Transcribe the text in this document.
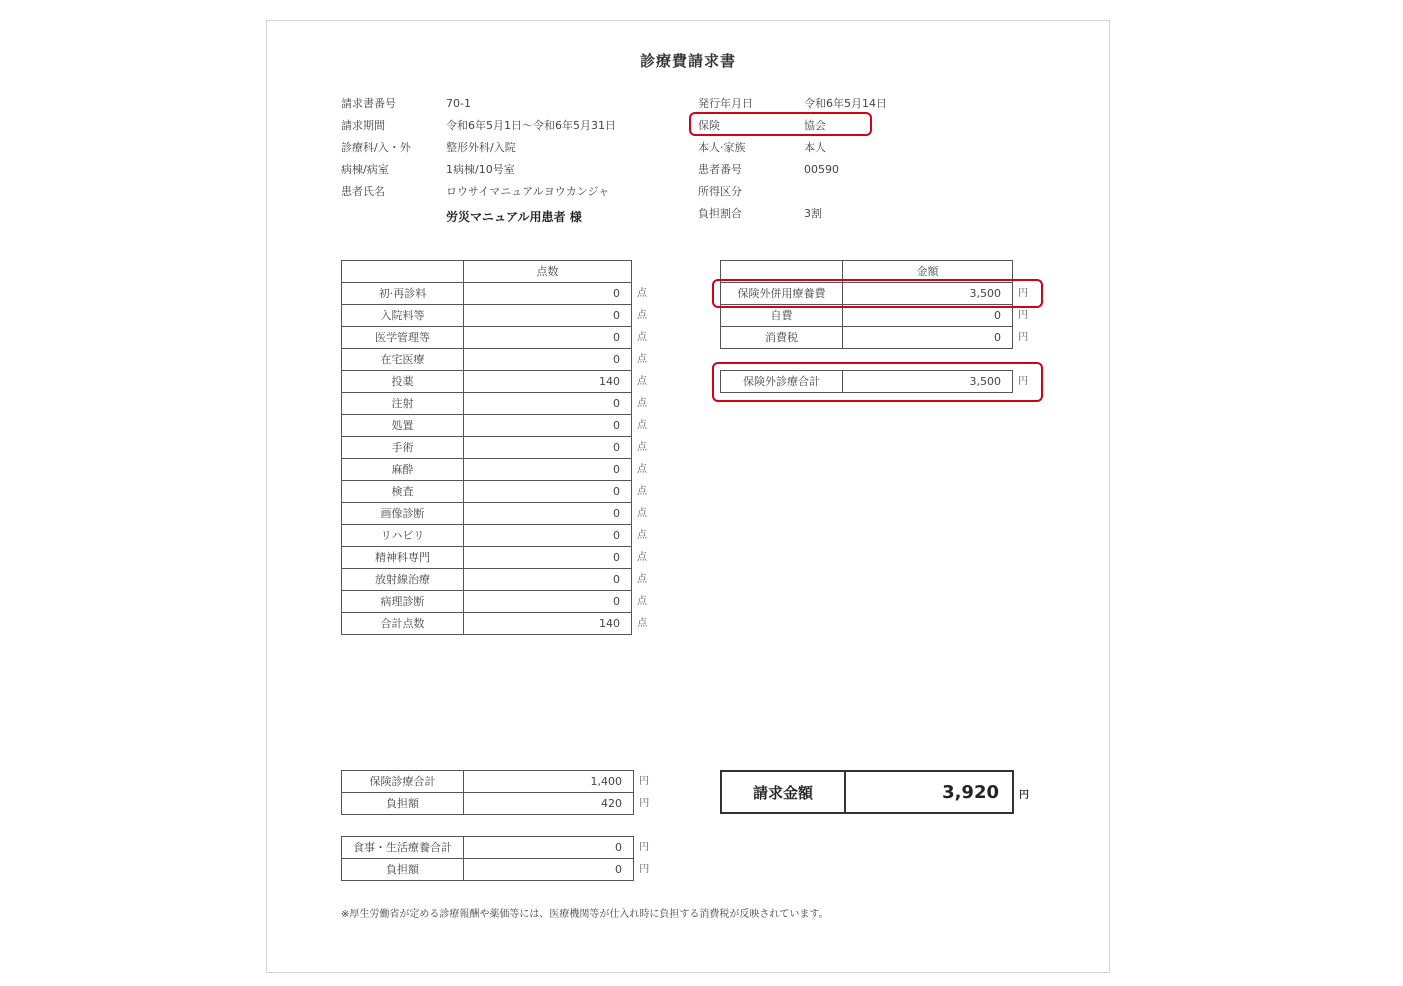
診療費請求書
請求書番号	70-1
請求期間	令和6年5月1日～令和6年5月31日
診療科/入・外	整形外科/入院
病棟/病室	1病棟/10号室
患者氏名	ロウサイマニュアルヨウカンジャ
労災マニュアル用患者 様
発行年月日	令和6年5月14日
保険	協会
本人·家族	本人
患者番号	00590
所得区分
負担割合	3割
	点数	
初·再診料	0	点
入院料等	0	点
医学管理等	0	点
在宅医療	0	点
投薬	140	点
注射	0	点
処置	0	点
手術	0	点
麻酔	0	点
検査	0	点
画像診断	0	点
リハビリ	0	点
精神科専門	0	点
放射線治療	0	点
病理診断	0	点
合計点数	140	点
	金額	
保険外併用療養費	3,500	円
自費	0	円
消費税	0	円
保険外診療合計	3,500	円
保険診療合計	1,400	円
負担額	420	円
食事・生活療養合計	0	円
負担額	0	円
請求金額	3,920	円
※厚生労働省が定める診療報酬や薬価等には、医療機関等が仕入れ時に負担する消費税が反映されています。
